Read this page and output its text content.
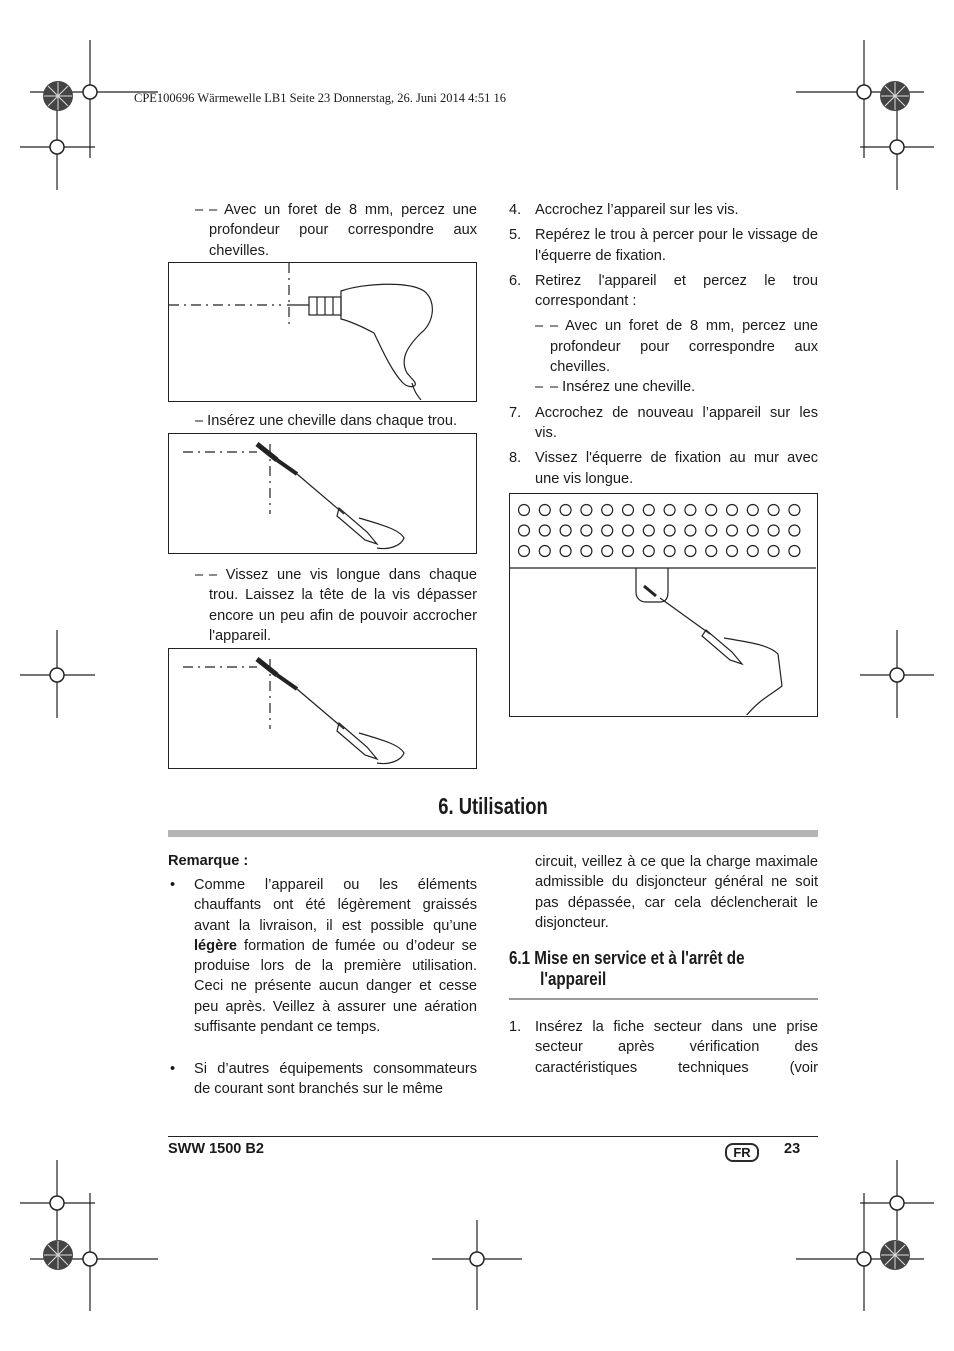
CPE100696 Wärmewelle LB1 Seite 23 Donnerstag, 26. Juni 2014 4:51 16
– – Avec un foret de 8 mm, percez une profondeur pour correspondre aux chevilles.
– Insérez une cheville dans chaque trou.
– – Vissez une vis longue dans chaque trou. Laissez la tête de la vis dépasser encore un peu afin de pouvoir accrocher l'appareil.
4. Accrochez l’appareil sur les vis.
5. Repérez le trou à percer pour le vissage de l'équerre de fixation.
6. Retirez l'appareil et percez le trou correspondant :
– – Avec un foret de 8 mm, percez une profondeur pour correspondre aux chevilles.
– – Insérez une cheville.
7. Accrochez de nouveau l’appareil sur les vis.
8. Vissez l'équerre de fixation au mur avec une vis longue.
6. Utilisation
Remarque :
•	Comme l’appareil ou les éléments chauffants ont été légèrement graissés avant la livraison, il est possible qu’une légère formation de fumée ou d’odeur se produise lors de la première utilisation. Ceci ne présente aucun danger et cesse peu après. Veillez à assurer une aération suffisante pendant ce temps.
•	Si d’autres équipements consommateurs de courant sont branchés sur le même
circuit, veillez à ce que la charge maximale admissible du disjoncteur général ne soit pas dépassée, car cela déclencherait le disjoncteur.
6.1 Mise en service et à l'arrêt de
l'appareil
1. Insérez la fiche secteur dans une prise secteur après vérification des caractéristiques techniques (voir
SWW 1500 B2	FR	23
